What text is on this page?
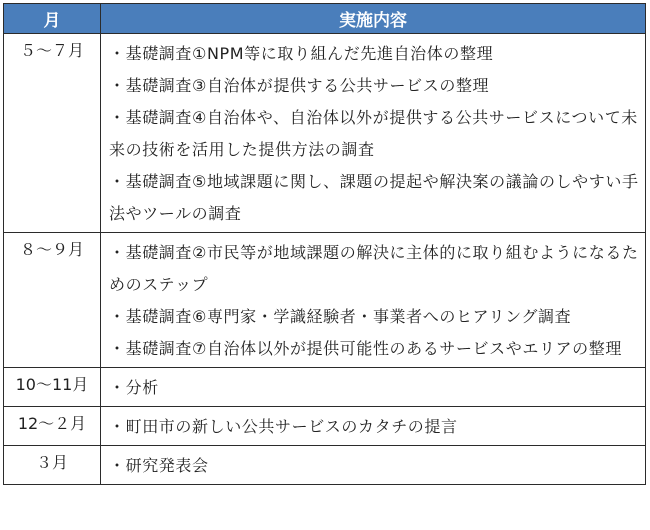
月	実施内容
５～７月	・基礎調査①NPM等に取り組んだ先進自治体の整理
・基礎調査③自治体が提供する公共サービスの整理
・基礎調査④自治体や、自治体以外が提供する公共サービスについて未来の技術を活用した提供方法の調査
・基礎調査⑤地域課題に関し、課題の提起や解決案の議論のしやすい手法やツールの調査

８～９月	・基礎調査②市民等が地域課題の解決に主体的に取り組むようになるためのステップ
・基礎調査⑥専門家・学識経験者・事業者へのヒアリング調査
・基礎調査⑦自治体以外が提供可能性のあるサービスやエリアの整理

10～11月	・分析

12～２月	・町田市の新しい公共サービスのカタチの提言

３月	・研究発表会
